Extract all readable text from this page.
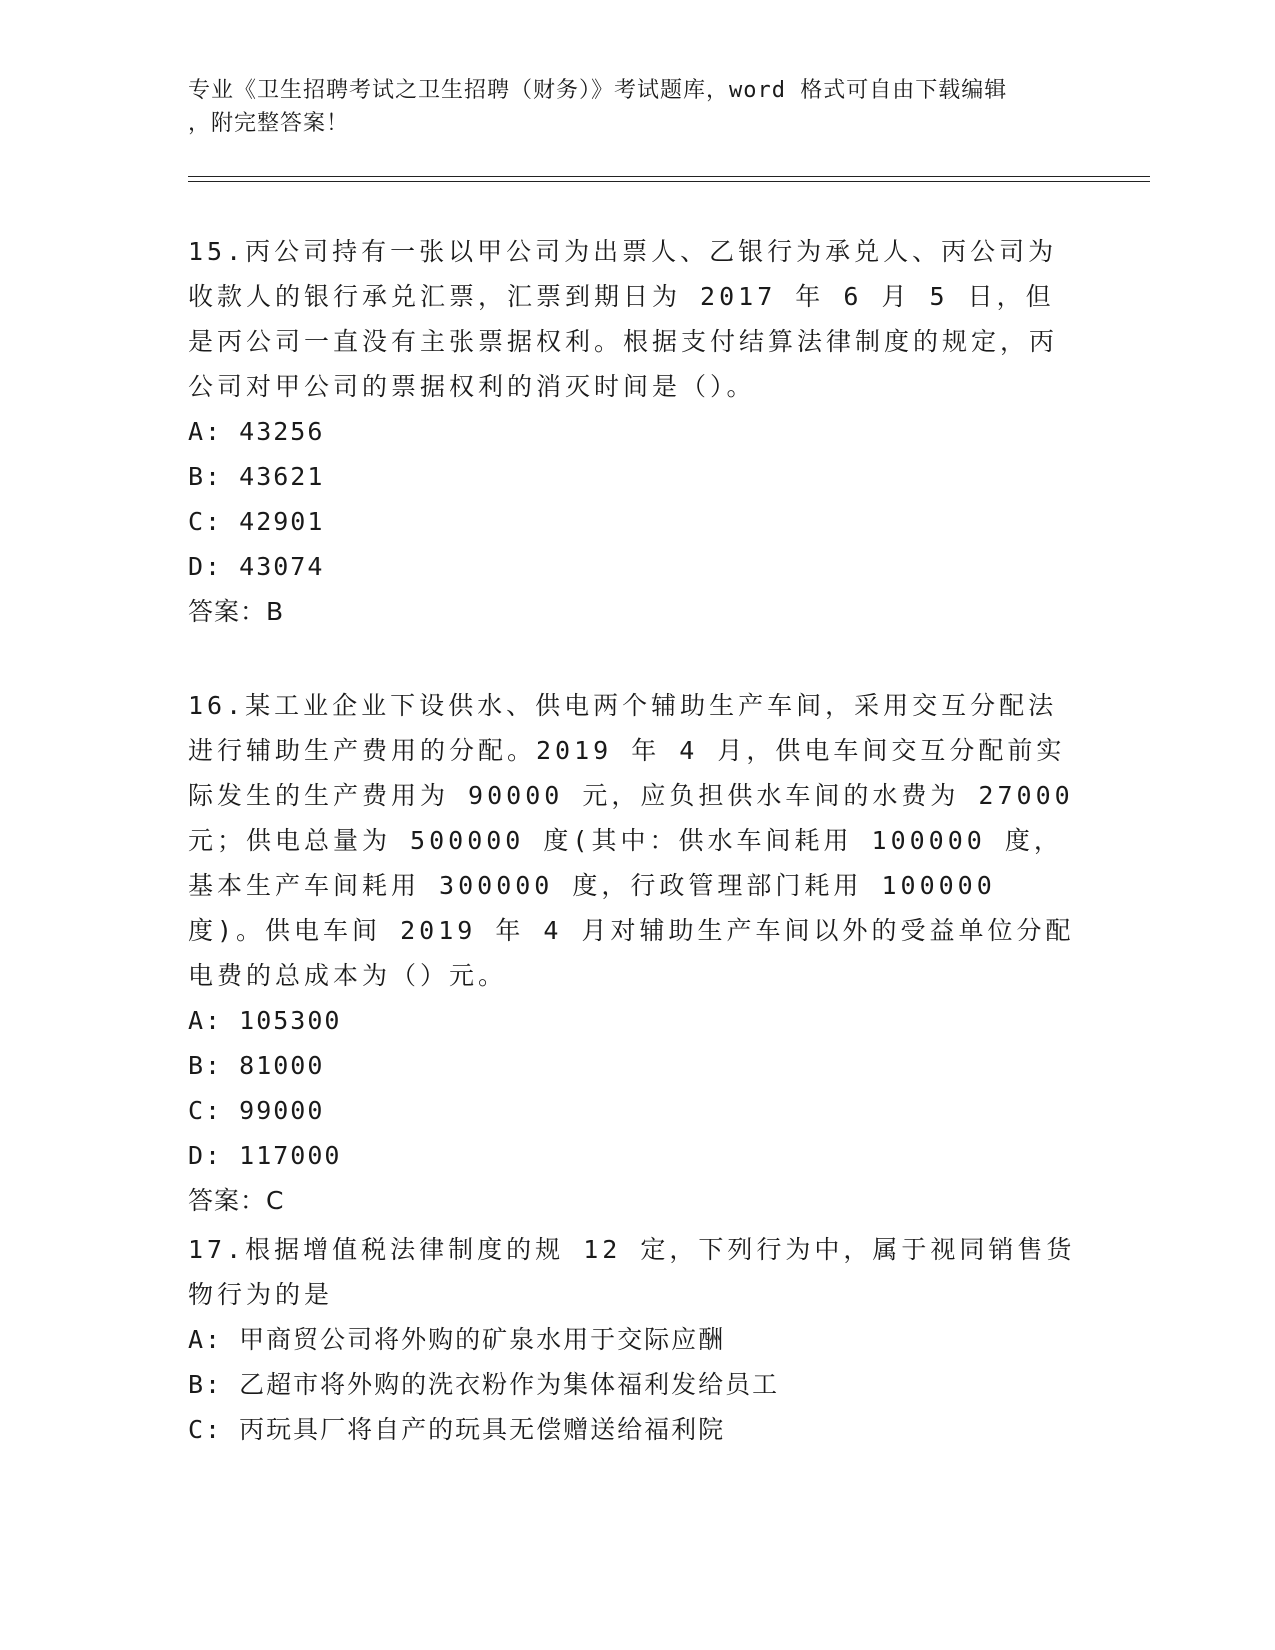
专业《卫生招聘考试之卫生招聘（财务）》考试题库，word 格式可自由下载编辑
，附完整答案！
15.丙公司持有一张以甲公司为出票人、乙银行为承兑人、丙公司为收款人的银行承兑汇票，汇票到期日为 2017 年 6 月 5 日，但是丙公司一直没有主张票据权利。根据支付结算法律制度的规定，丙公司对甲公司的票据权利的消灭时间是（）。
A: 43256
B: 43621
C: 42901
D: 43074
答案：B
16.某工业企业下设供水、供电两个辅助生产车间，采用交互分配法进行辅助生产费用的分配。2019 年 4 月，供电车间交互分配前实际发生的生产费用为 90000 元，应负担供水车间的水费为 27000 元；供电总量为 500000 度(其中：供水车间耗用 100000 度，基本生产车间耗用 300000 度，行政管理部门耗用 100000 度)。供电车间 2019 年 4 月对辅助生产车间以外的受益单位分配电费的总成本为（）元。
A: 105300
B: 81000
C: 99000
D: 117000
答案：C
17.根据增值税法律制度的规 12 定，下列行为中，属于视同销售货物行为的是
A: 甲商贸公司将外购的矿泉水用于交际应酬
B: 乙超市将外购的洗衣粉作为集体福利发给员工
C: 丙玩具厂将自产的玩具无偿赠送给福利院
